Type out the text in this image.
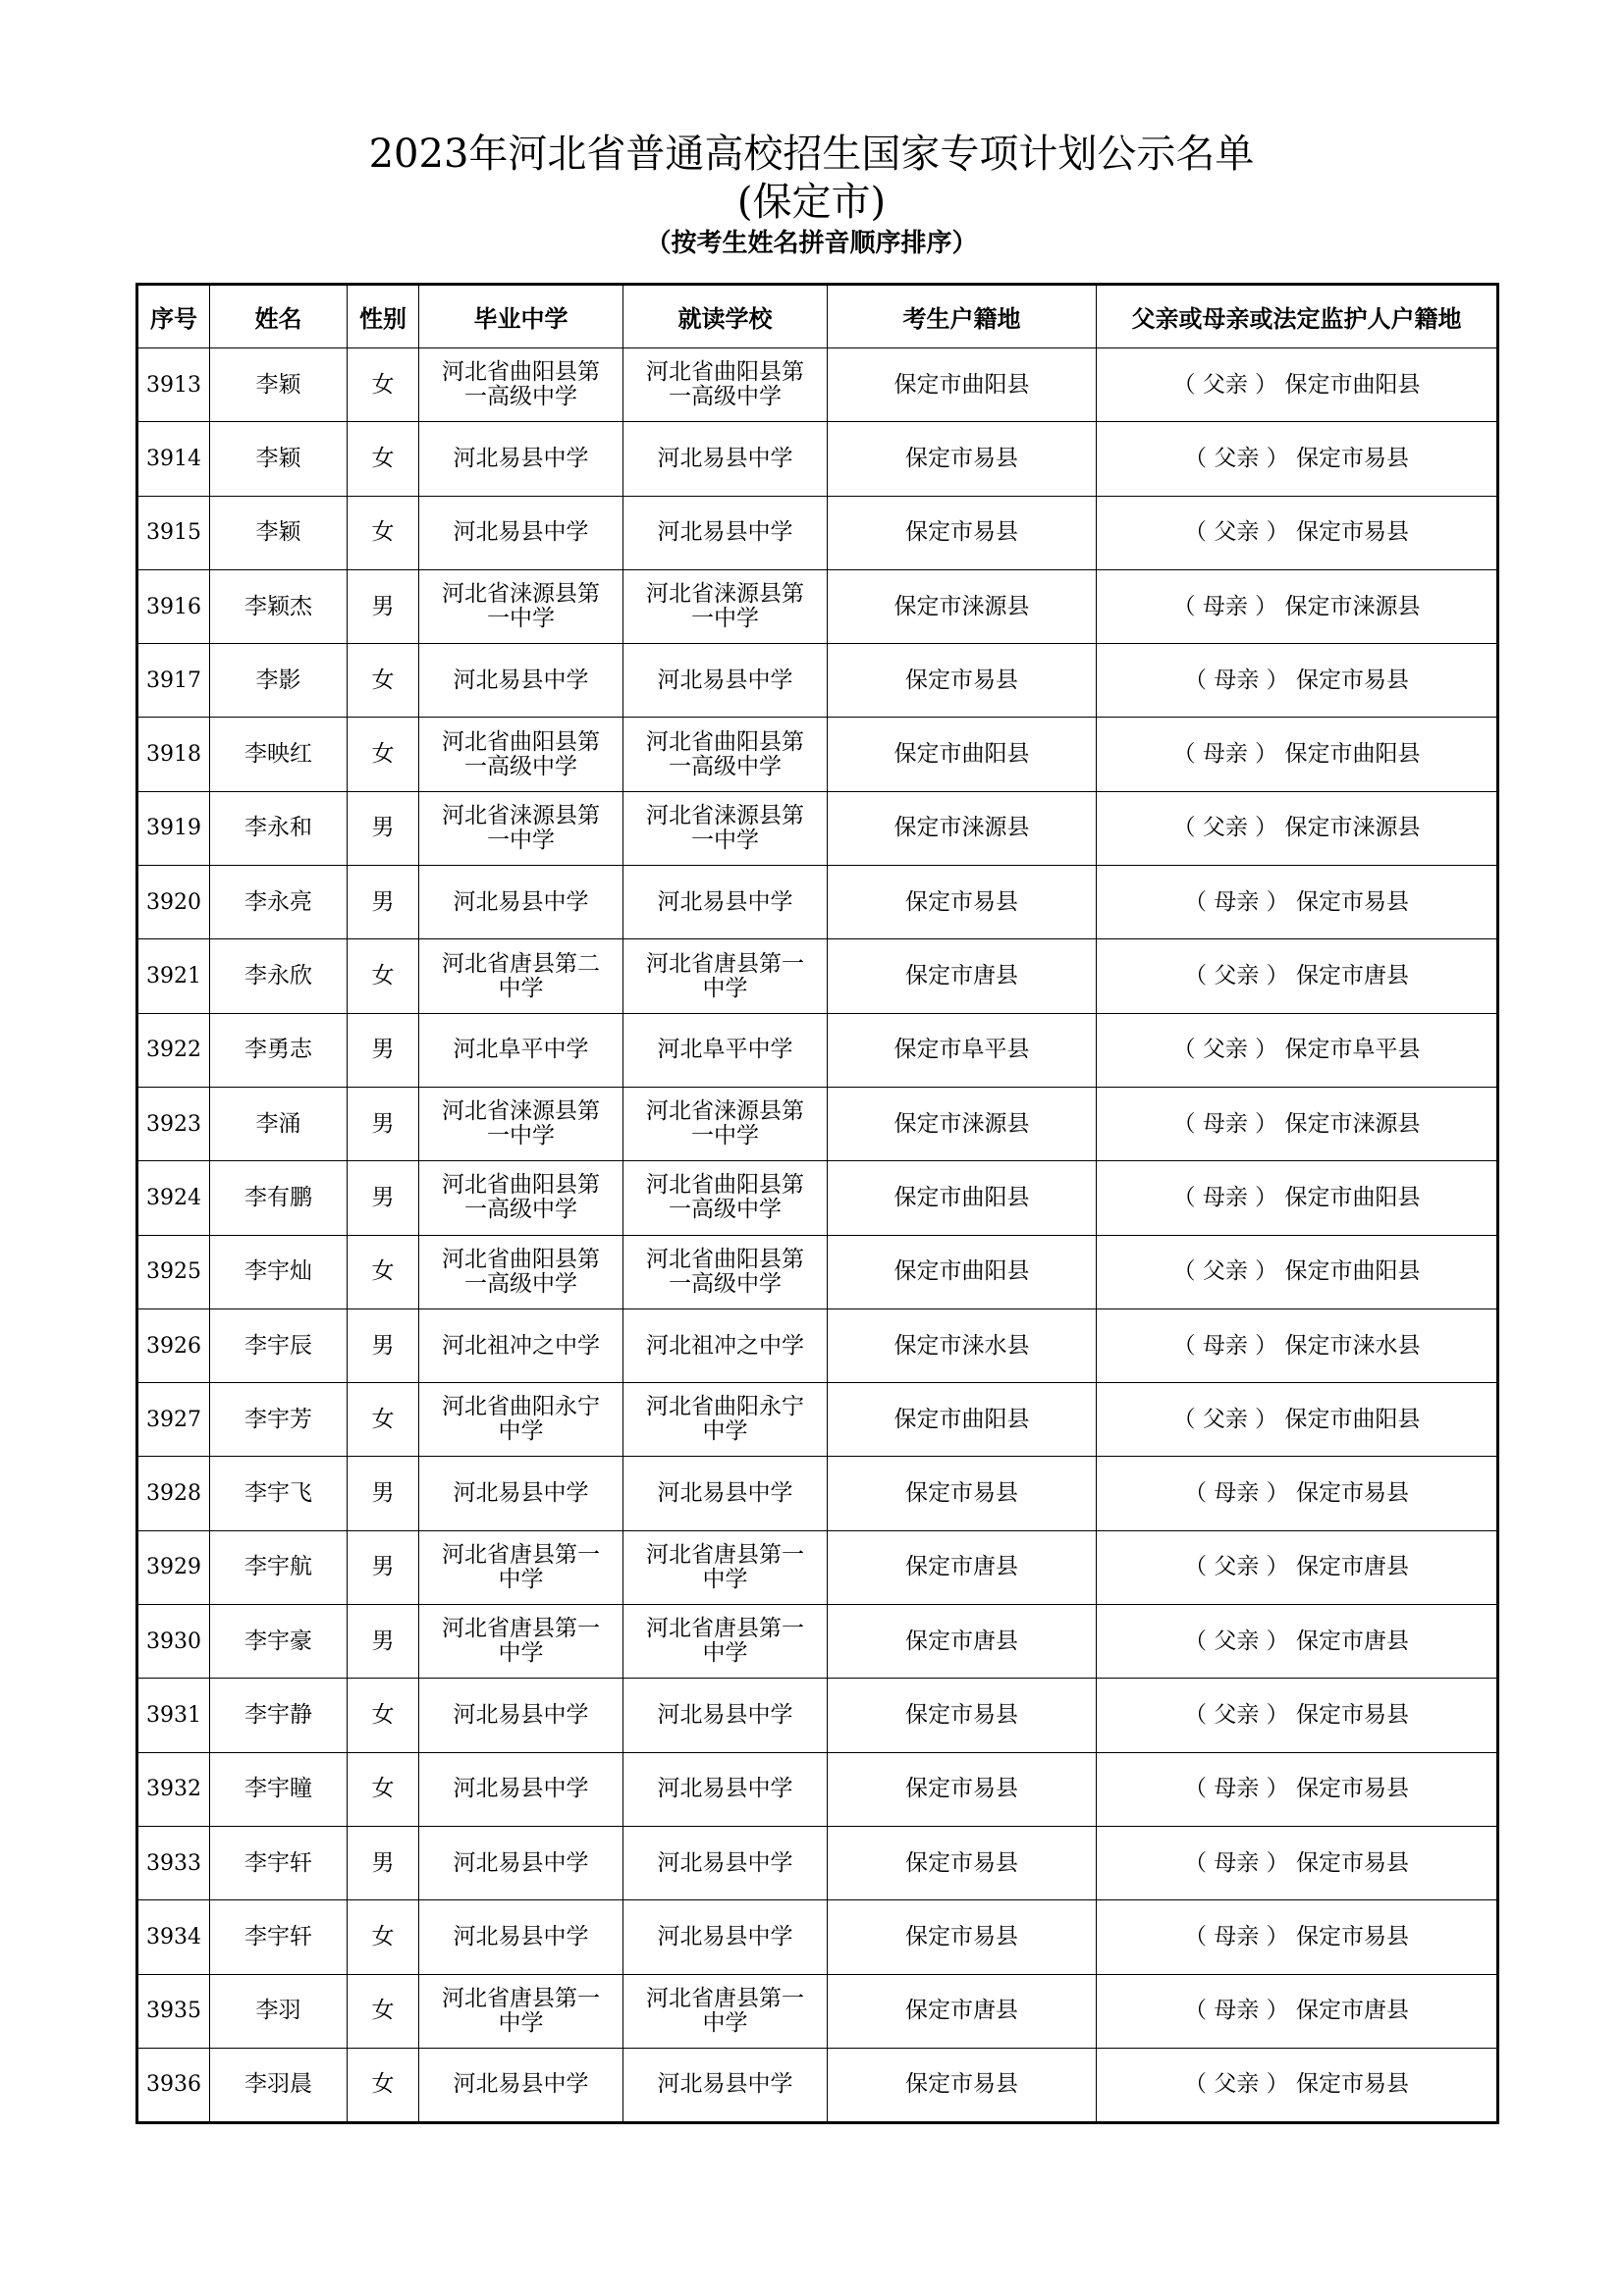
2023年河北省普通高校招生国家专项计划公示名单
(保定市)
（按考生姓名拼音顺序排序）
序号	姓名	性别	毕业中学	就读学校	考生户籍地	父亲或母亲或法定监护人户籍地
3913	李颖	女	河北省曲阳县第
一高级中学	河北省曲阳县第
一高级中学	保定市曲阳县	（ 父亲 ） 保定市曲阳县
3914	李颖	女	河北易县中学	河北易县中学	保定市易县	（ 父亲 ） 保定市易县
3915	李颖	女	河北易县中学	河北易县中学	保定市易县	（ 父亲 ） 保定市易县
3916	李颖杰	男	河北省涞源县第
一中学	河北省涞源县第
一中学	保定市涞源县	（ 母亲 ） 保定市涞源县
3917	李影	女	河北易县中学	河北易县中学	保定市易县	（ 母亲 ） 保定市易县
3918	李映红	女	河北省曲阳县第
一高级中学	河北省曲阳县第
一高级中学	保定市曲阳县	（ 母亲 ） 保定市曲阳县
3919	李永和	男	河北省涞源县第
一中学	河北省涞源县第
一中学	保定市涞源县	（ 父亲 ） 保定市涞源县
3920	李永亮	男	河北易县中学	河北易县中学	保定市易县	（ 母亲 ） 保定市易县
3921	李永欣	女	河北省唐县第二
中学	河北省唐县第一
中学	保定市唐县	（ 父亲 ） 保定市唐县
3922	李勇志	男	河北阜平中学	河北阜平中学	保定市阜平县	（ 父亲 ） 保定市阜平县
3923	李涌	男	河北省涞源县第
一中学	河北省涞源县第
一中学	保定市涞源县	（ 母亲 ） 保定市涞源县
3924	李有鹏	男	河北省曲阳县第
一高级中学	河北省曲阳县第
一高级中学	保定市曲阳县	（ 母亲 ） 保定市曲阳县
3925	李宇灿	女	河北省曲阳县第
一高级中学	河北省曲阳县第
一高级中学	保定市曲阳县	（ 父亲 ） 保定市曲阳县
3926	李宇辰	男	河北祖冲之中学	河北祖冲之中学	保定市涞水县	（ 母亲 ） 保定市涞水县
3927	李宇芳	女	河北省曲阳永宁
中学	河北省曲阳永宁
中学	保定市曲阳县	（ 父亲 ） 保定市曲阳县
3928	李宇飞	男	河北易县中学	河北易县中学	保定市易县	（ 母亲 ） 保定市易县
3929	李宇航	男	河北省唐县第一
中学	河北省唐县第一
中学	保定市唐县	（ 父亲 ） 保定市唐县
3930	李宇豪	男	河北省唐县第一
中学	河北省唐县第一
中学	保定市唐县	（ 父亲 ） 保定市唐县
3931	李宇静	女	河北易县中学	河北易县中学	保定市易县	（ 父亲 ） 保定市易县
3932	李宇瞳	女	河北易县中学	河北易县中学	保定市易县	（ 母亲 ） 保定市易县
3933	李宇轩	男	河北易县中学	河北易县中学	保定市易县	（ 母亲 ） 保定市易县
3934	李宇轩	女	河北易县中学	河北易县中学	保定市易县	（ 母亲 ） 保定市易县
3935	李羽	女	河北省唐县第一
中学	河北省唐县第一
中学	保定市唐县	（ 母亲 ） 保定市唐县
3936	李羽晨	女	河北易县中学	河北易县中学	保定市易县	（ 父亲 ） 保定市易县
